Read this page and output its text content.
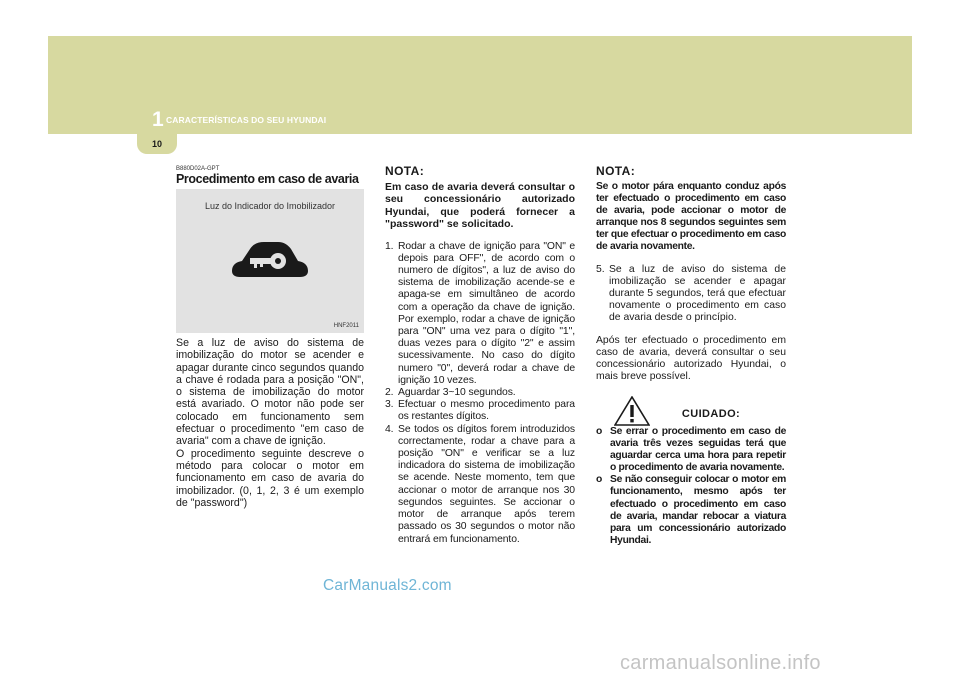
1 CARACTERÍSTICAS DO SEU HYUNDAI
10
B880D02A-GPT
Procedimento em caso de avaria
Luz do Indicador do Imobilizador
HNF2011

Se a luz de aviso do sistema de imobilização do motor se acender e apagar durante cinco segundos quando a chave é rodada para a posição "ON", o sistema de imobilização do motor está avariado. O motor não pode ser colocado em funcionamento sem efectuar o procedimento "em caso de avaria" com a chave de ignição.

O procedimento seguinte descreve o método para colocar o motor em funcionamento em caso de avaria do imobilizador. (0, 1, 2, 3 é um exemplo de "password")

NOTA:
Em caso de avaria deverá consultar o seu concessionário autorizado Hyundai, que poderá fornecer a "password" se solicitado.
1. Rodar a chave de ignição para "ON" e depois para OFF", de acordo com o numero de dígitos", a luz de aviso do sistema de imobilização acende-se e apaga-se em simultâneo de acordo com a operação da chave de ignição. Por exemplo, rodar a chave de ignição para "ON" uma vez para o dígito "1", duas vezes para o dígito "2" e assim sucessivamente. No caso do dígito numero "0", deverá rodar a chave de ignição 10 vezes.
2. Aguardar 3~10 segundos.
3. Efectuar o mesmo procedimento para os restantes dígitos.
4. Se todos os dígitos forem introduzidos correctamente, rodar a chave para a posição "ON" e verificar se a luz indicadora do sistema de imobilização se acende. Neste momento, tem que accionar o motor de arranque nos 30 segundos seguintes. Se accionar o motor de arranque após terem passado os 30 segundos o motor não entrará em funcionamento.
NOTA:
Se o motor pára enquanto conduz após ter efectuado o procedimento em caso de avaria, pode accionar o motor de arranque nos 8 segundos seguintes sem ter que efectuar o procedimento em caso de avaria novamente.
5. Se a luz de aviso do sistema de imobilização se acender e apagar durante 5 segundos, terá que efectuar novamente o procedimento em caso de avaria desde o princípio.

Após ter efectuado o procedimento em caso de avaria, deverá consultar o seu concessionário autorizado Hyundai, o mais breve possível.

CUIDADO:
o Se errar o procedimento em caso de avaria três vezes seguidas terá que aguardar cerca uma hora para repetir o procedimento de avaria novamente.
o Se não conseguir colocar o motor em funcionamento, mesmo após ter efectuado o procedimento em caso de avaria, mandar rebocar a viatura para um concessionário autorizado Hyundai.
CarManuals2.com
carmanualsonline.info
